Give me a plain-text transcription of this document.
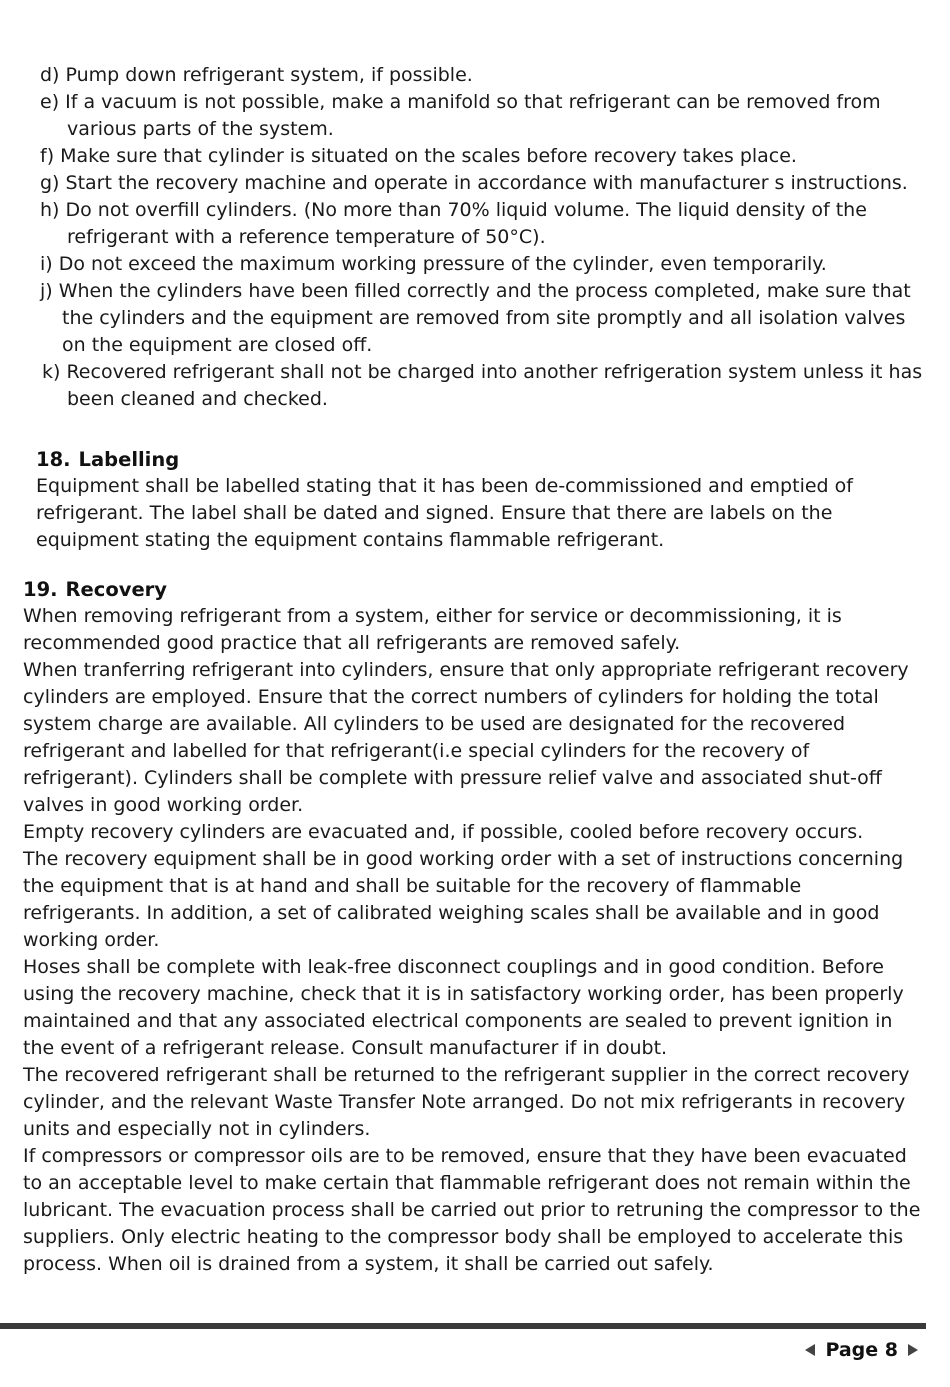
d) Pump down refrigerant system, if possible.
e) If a vacuum is not possible, make a manifold so that refrigerant can be removed from various parts of the system.
f) Make sure that cylinder is situated on the scales before recovery takes place.
g) Start the recovery machine and operate in accordance with manufacturer s instructions.
h) Do not overfill cylinders. (No more than 70% liquid volume. The liquid density of the refrigerant with a reference temperature of 50°C).
i) Do not exceed the maximum working pressure of the cylinder, even temporarily.
j) When the cylinders have been filled correctly and the process completed, make sure that the cylinders and the equipment are removed from site promptly and all isolation valves on the equipment are closed off.
k) Recovered refrigerant shall not be charged into another refrigeration system unless it has been cleaned and checked.
18. Labelling

Equipment shall be labelled stating that it has been de-commissioned and emptied of refrigerant. The label shall be dated and signed. Ensure that there are labels on the equipment stating the equipment contains flammable refrigerant.

19. Recovery

When removing refrigerant from a system, either for service or decommissioning, it is recommended good practice that all refrigerants are removed safely.

When tranferring refrigerant into cylinders, ensure that only appropriate refrigerant recovery cylinders are employed. Ensure that the correct numbers of cylinders for holding the total system charge are available. All cylinders to be used are designated for the recovered refrigerant and labelled for that refrigerant(i.e special cylinders for the recovery of refrigerant). Cylinders shall be complete with pressure relief valve and associated shut-off valves in good working order.

Empty recovery cylinders are evacuated and, if possible, cooled before recovery occurs.

The recovery equipment shall be in good working order with a set of instructions concerning the equipment that is at hand and shall be suitable for the recovery of flammable refrigerants. In addition, a set of calibrated weighing scales shall be available and in good working order.

Hoses shall be complete with leak-free disconnect couplings and in good condition. Before using the recovery machine, check that it is in satisfactory working order, has been properly maintained and that any associated electrical components are sealed to prevent ignition in the event of a refrigerant release. Consult manufacturer if in doubt.

The recovered refrigerant shall be returned to the refrigerant supplier in the correct recovery cylinder, and the relevant Waste Transfer Note arranged. Do not mix refrigerants in recovery units and especially not in cylinders.

If compressors or compressor oils are to be removed, ensure that they have been evacuated to an acceptable level to make certain that flammable refrigerant does not remain within the lubricant. The evacuation process shall be carried out prior to retruning the compressor to the suppliers. Only electric heating to the compressor body shall be employed to accelerate this process. When oil is drained from a system, it shall be carried out safely.

Page 8
